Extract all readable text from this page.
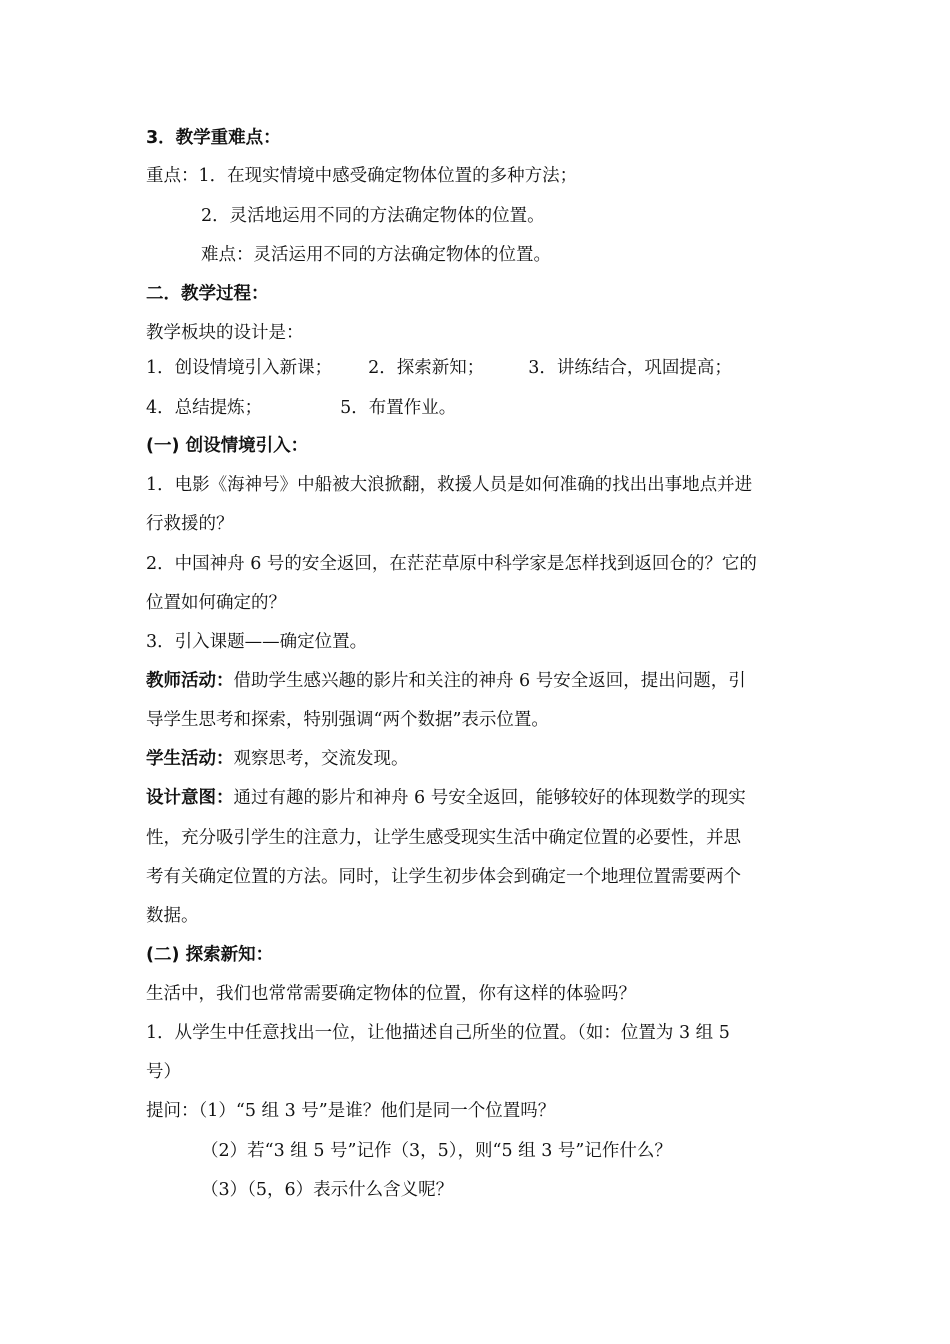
3．教学重难点：
重点：1．在现实情境中感受确定物体位置的多种方法；
2．灵活地运用不同的方法确定物体的位置。
难点：灵活运用不同的方法确定物体的位置。
二．教学过程：
教学板块的设计是：
1．创设情境引入新课； 2．探索新知；	3．讲练结合，巩固提高；
4．总结提炼；	5．布置作业。
(一) 创设情境引入：
1．电影《海神号》中船被大浪掀翻，救援人员是如何准确的找出出事地点并进
行救援的？
2．中国神舟 6 号的安全返回，在茫茫草原中科学家是怎样找到返回仓的？它的
位置如何确定的？
3．引入课题——确定位置。
教师活动：借助学生感兴趣的影片和关注的神舟 6 号安全返回，提出问题，引
导学生思考和探索，特别强调“两个数据”表示位置。
学生活动：观察思考，交流发现。
设计意图：通过有趣的影片和神舟 6 号安全返回，能够较好的体现数学的现实
性，充分吸引学生的注意力，让学生感受现实生活中确定位置的必要性，并思
考有关确定位置的方法。同时，让学生初步体会到确定一个地理位置需要两个
数据。
(二) 探索新知：
生活中，我们也常常需要确定物体的位置，你有这样的体验吗？
1．从学生中任意找出一位，让他描述自己所坐的位置。（如：位置为 3 组 5
号）
提问：（1）“5 组 3 号”是谁？他们是同一个位置吗？
（2）若“3 组 5 号”记作（3，5），则“5 组 3 号”记作什么？
（3）（5，6）表示什么含义呢？
